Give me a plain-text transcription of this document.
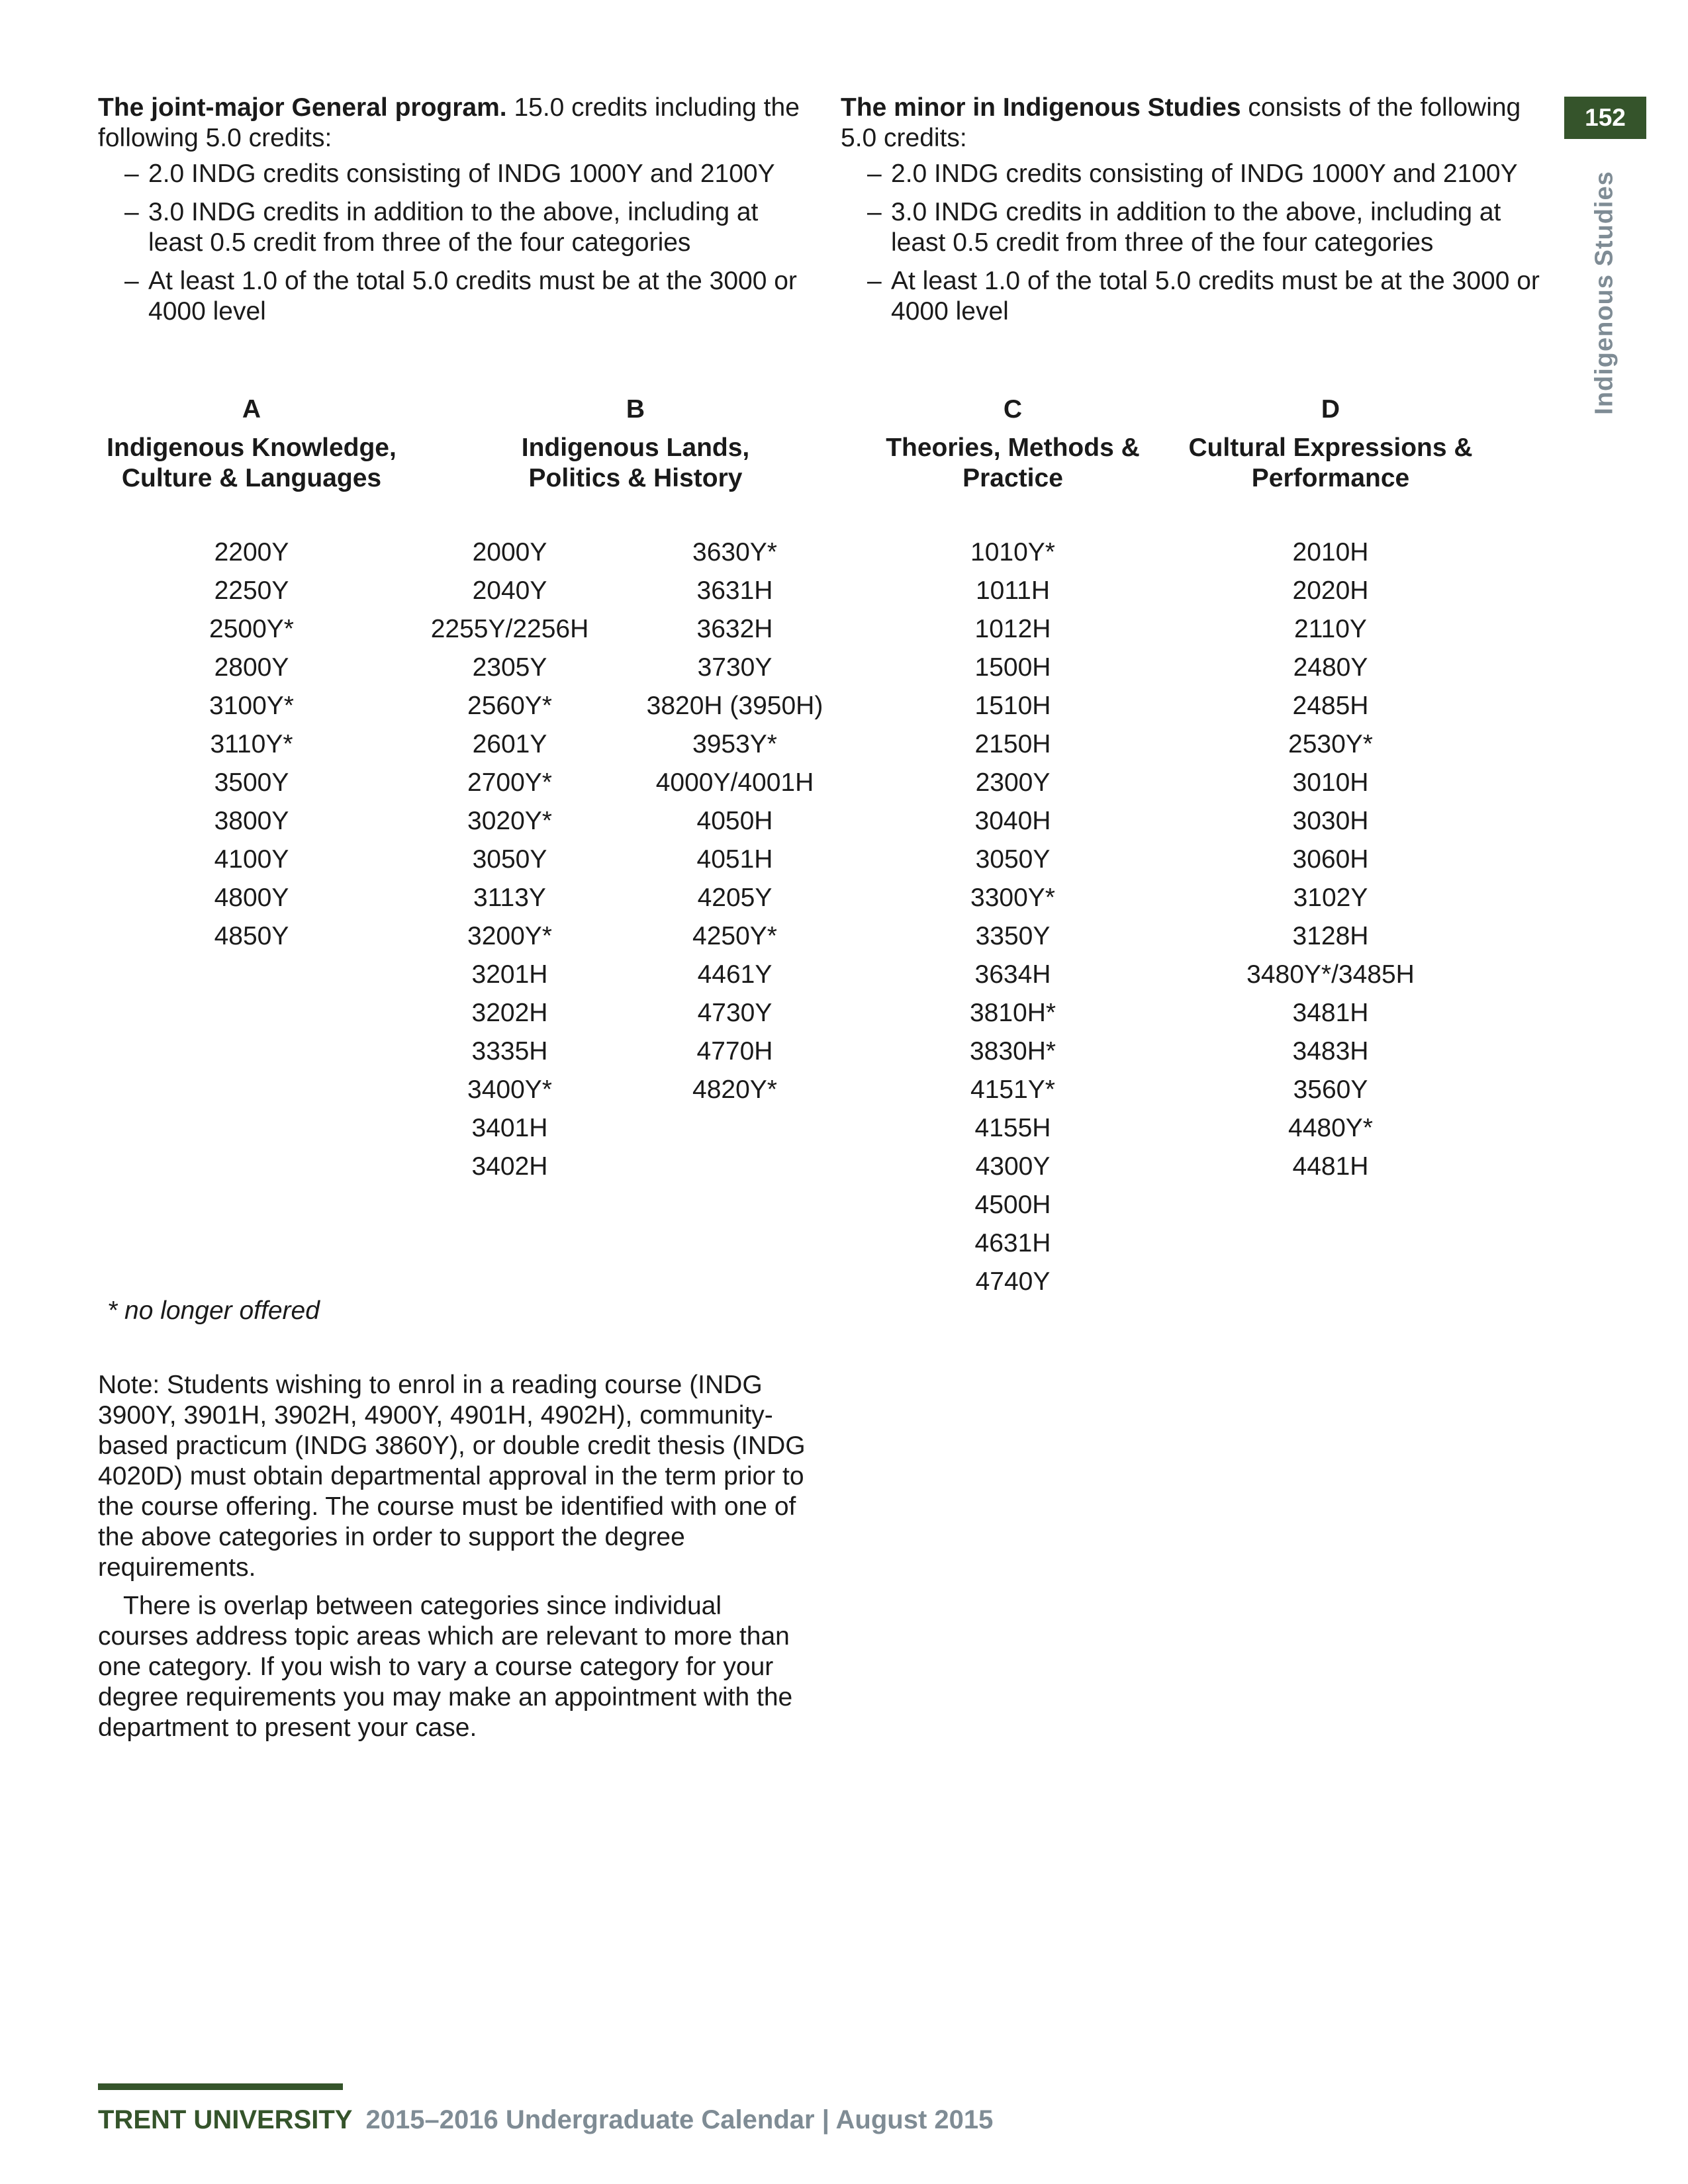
152
Indigenous Studies

The joint-major General program. 15.0 credits including the following 5.0 credits:

– 2.0 INDG credits consisting of INDG 1000Y and 2100Y
– 3.0 INDG credits in addition to the above, including at least 0.5 credit from three of the four categories
– At least 1.0 of the total 5.0 credits must be at the 3000 or 4000 level

The minor in Indigenous Studies consists of the following 5.0 credits:

– 2.0 INDG credits consisting of INDG 1000Y and 2100Y
– 3.0 INDG credits in addition to the above, including at least 0.5 credit from three of the four categories
– At least 1.0 of the total 5.0 credits must be at the 3000 or 4000 level
A
Indigenous Knowledge, Culture & Languages
B
Indigenous Lands, Politics & History
C
Theories, Methods & Practice
D
Cultural Expressions & Performance
2200Y
2250Y
2500Y*
2800Y
3100Y*
3110Y*
3500Y
3800Y
4100Y
4800Y
4850Y
2000Y
2040Y
2255Y/2256H
2305Y
2560Y*
2601Y
2700Y*
3020Y*
3050Y
3113Y
3200Y*
3201H
3202H
3335H
3400Y*
3401H
3402H
3630Y*
3631H
3632H
3730Y
3820H (3950H)
3953Y*
4000Y/4001H
4050H
4051H
4205Y
4250Y*
4461Y
4730Y
4770H
4820Y*
1010Y*
1011H
1012H
1500H
1510H
2150H
2300Y
3040H
3050Y
3300Y*
3350Y
3634H
3810H*
3830H*
4151Y*
4155H
4300Y
4500H
4631H
4740Y
2010H
2020H
2110Y
2480Y
2485H
2530Y*
3010H
3030H
3060H
3102Y
3128H
3480Y*/3485H
3481H
3483H
3560Y
4480Y*
4481H
* no longer offered

Note: Students wishing to enrol in a reading course (INDG 3900Y, 3901H, 3902H, 4900Y, 4901H, 4902H), community-based practicum (INDG 3860Y), or double credit thesis (INDG 4020D) must obtain departmental approval in the term prior to the course offering. The course must be identified with one of the above categories in order to support the degree requirements.

There is overlap between categories since individual courses address topic areas which are relevant to more than one category. If you wish to vary a course category for your degree requirements you may make an appointment with the department to present your case.

TRENT UNIVERSITY 2015–2016 Undergraduate Calendar | August 2015
